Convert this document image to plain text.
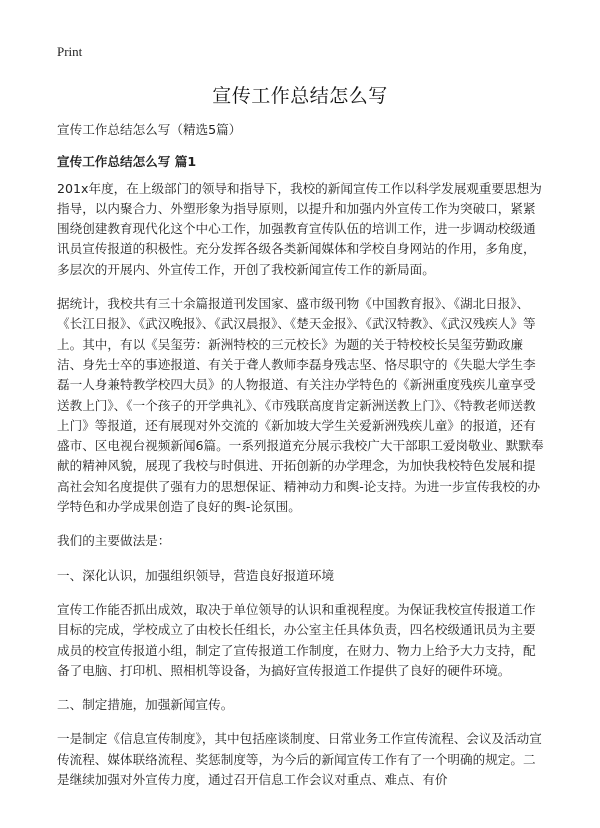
Print
宣传工作总结怎么写

宣传工作总结怎么写（精选5篇）

宣传工作总结怎么写 篇1

201x年度，在上级部门的领导和指导下，我校的新闻宣传工作以科学发展观重要思想为指导，以内聚合力、外塑形象为指导原则，以提升和加强内外宣传工作为突破口，紧紧围绕创建教育现代化这个中心工作，加强教育宣传队伍的培训工作，进一步调动校级通讯员宣传报道的积极性。充分发挥各级各类新闻媒体和学校自身网站的作用，多角度，多层次的开展内、外宣传工作，开创了我校新闻宣传工作的新局面。

据统计，我校共有三十余篇报道刊发国家、盛市级刊物《中国教育报》、《湖北日报》、《长江日报》、《武汉晚报》、《武汉晨报》、《楚天金报》、《武汉特教》、《武汉残疾人》等上。其中，有以《吴玺劳：新洲特校的三元校长》为题的关于特校校长吴玺劳勤政廉洁、身先士卒的事迹报道、有关于聋人教师李磊身残志坚、恪尽职守的《失聪大学生李磊一人身兼特教学校四大员》的人物报道、有关注办学特色的《新洲重度残疾儿童享受送教上门》、《一个孩子的开学典礼》、《市残联高度肯定新洲送教上门》、《特教老师送教上门》等报道，还有展现对外交流的《新加坡大学生关爱新洲残疾儿童》的报道，还有盛市、区电视台视频新闻6篇。一系列报道充分展示我校广大干部职工爱岗敬业、默默奉献的精神风貌，展现了我校与时俱进、开拓创新的办学理念，为加快我校特色发展和提高社会知名度提供了强有力的思想保证、精神动力和舆-论支持。为进一步宣传我校的办学特色和办学成果创造了良好的舆-论氛围。

我们的主要做法是：

一、深化认识，加强组织领导，营造良好报道环境

宣传工作能否抓出成效，取决于单位领导的认识和重视程度。为保证我校宣传报道工作目标的完成，学校成立了由校长任组长，办公室主任具体负责，四名校级通讯员为主要成员的校宣传报道小组，制定了宣传报道工作制度，在财力、物力上给予大力支持，配备了电脑、打印机、照相机等设备，为搞好宣传报道工作提供了良好的硬件环境。

二、制定措施，加强新闻宣传。

一是制定《信息宣传制度》，其中包括座谈制度、日常业务工作宣传流程、会议及活动宣传流程、媒体联络流程、奖惩制度等，为今后的新闻宣传工作有了一个明确的规定。二是继续加强对外宣传力度，通过召开信息工作会议对重点、难点、有价
